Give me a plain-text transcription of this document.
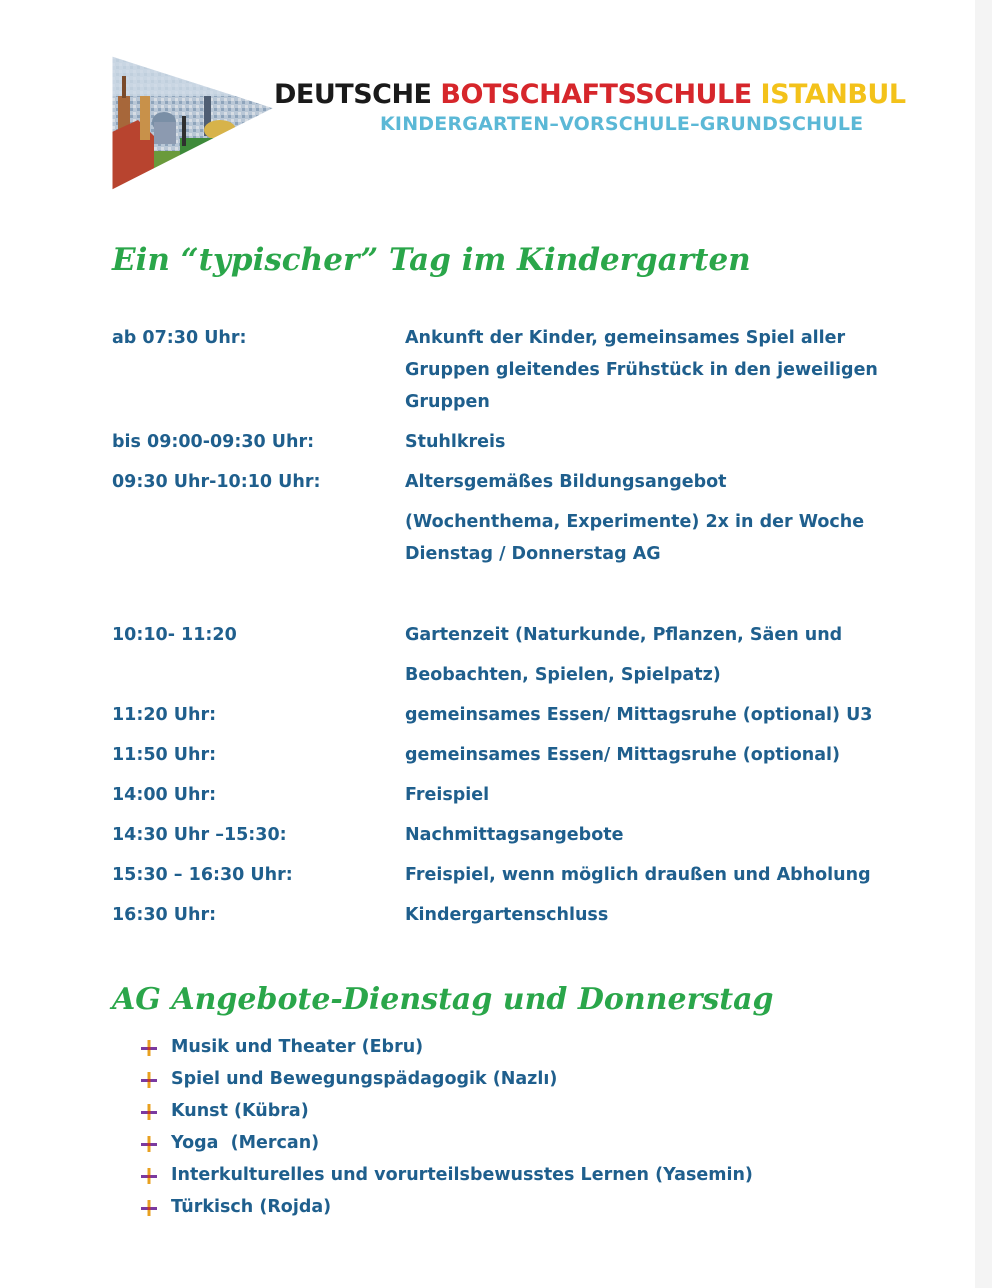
DEUTSCHE BOTSCHAFTSSCHULE ISTANBUL
KINDERGARTEN–VORSCHULE–GRUNDSCHULE
Ein “typischer” Tag im Kindergarten
ab 07:30 Uhr:	Ankunft der Kinder, gemeinsames Spiel aller
Gruppen gleitendes Frühstück in den jeweiligen
Gruppen
bis 09:00-09:30 Uhr:	Stuhlkreis
09:30 Uhr-10:10 Uhr:	Altersgemäßes Bildungsangebot
(Wochenthema, Experimente) 2x in der Woche
Dienstag / Donnerstag AG
10:10- 11:20	Gartenzeit (Naturkunde, Pflanzen, Säen und
Beobachten, Spielen, Spielpatz)
11:20 Uhr:	gemeinsames Essen/ Mittagsruhe (optional) U3
11:50 Uhr:	gemeinsames Essen/ Mittagsruhe (optional)
14:00 Uhr:	Freispiel
14:30 Uhr –15:30:	Nachmittagsangebote
15:30 – 16:30 Uhr:	Freispiel, wenn möglich draußen und Abholung
16:30 Uhr:	Kindergartenschluss
AG Angebote-Dienstag und Donnerstag
Musik und Theater (Ebru)
Spiel und Bewegungspädagogik (Nazlı)
Kunst (Kübra)
Yoga  (Mercan)
Interkulturelles und vorurteilsbewusstes Lernen (Yasemin)
Türkisch (Rojda)
